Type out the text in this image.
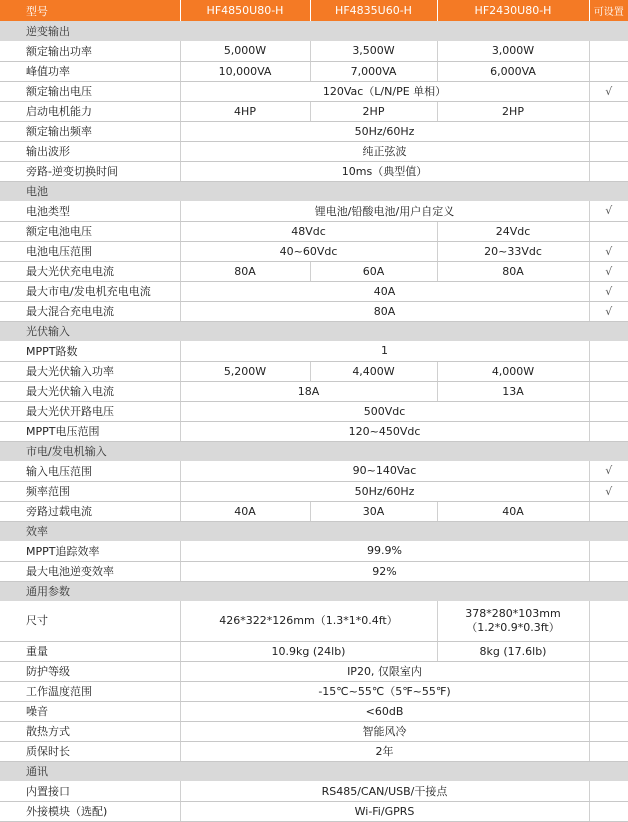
型号	HF4850U80-H	HF4835U60-H	HF2430U80-H	可设置
逆变输出				
额定输出功率	5,000W	3,500W	3,000W	
峰值功率	10,000VA	7,000VA	6,000VA	
额定输出电压	120Vac（L/N/PE 单相）			√
启动电机能力	4HP	2HP	2HP	
额定输出频率	50Hz/60Hz			
输出波形	纯正弦波			
旁路-逆变切换时间	10ms（典型值）			
电池				
电池类型	锂电池/铅酸电池/用户自定义			√
额定电池电压	48Vdc		24Vdc	
电池电压范围	40~60Vdc		20~33Vdc	√
最大光伏充电电流	80A	60A	80A	√
最大市电/发电机充电电流	40A			√
最大混合充电电流	80A			√
光伏输入				
MPPT路数	1			
最大光伏输入功率	5,200W	4,400W	4,000W	
最大光伏输入电流	18A		13A	
最大光伏开路电压	500Vdc			
MPPT电压范围	120~450Vdc			
市电/发电机输入				
输入电压范围	90~140Vac			√
频率范围	50Hz/60Hz			√
旁路过载电流	40A	30A	40A	
效率				
MPPT追踪效率	99.9%			
最大电池逆变效率	92%			
通用参数				
尺寸	426*322*126mm（1.3*1*0.4ft）		378*280*103mm（1.2*0.9*0.3ft）	
重量	10.9kg (24lb)		8kg (17.6lb)	
防护等级	IP20, 仅限室内			
工作温度范围	-15℃~55℃（5℉~55℉)			
噪音	<60dB			
散热方式	智能风冷			
质保时长	2年			
通讯				
内置接口	RS485/CAN/USB/干接点			
外接模块（选配)	Wi-Fi/GPRS			
